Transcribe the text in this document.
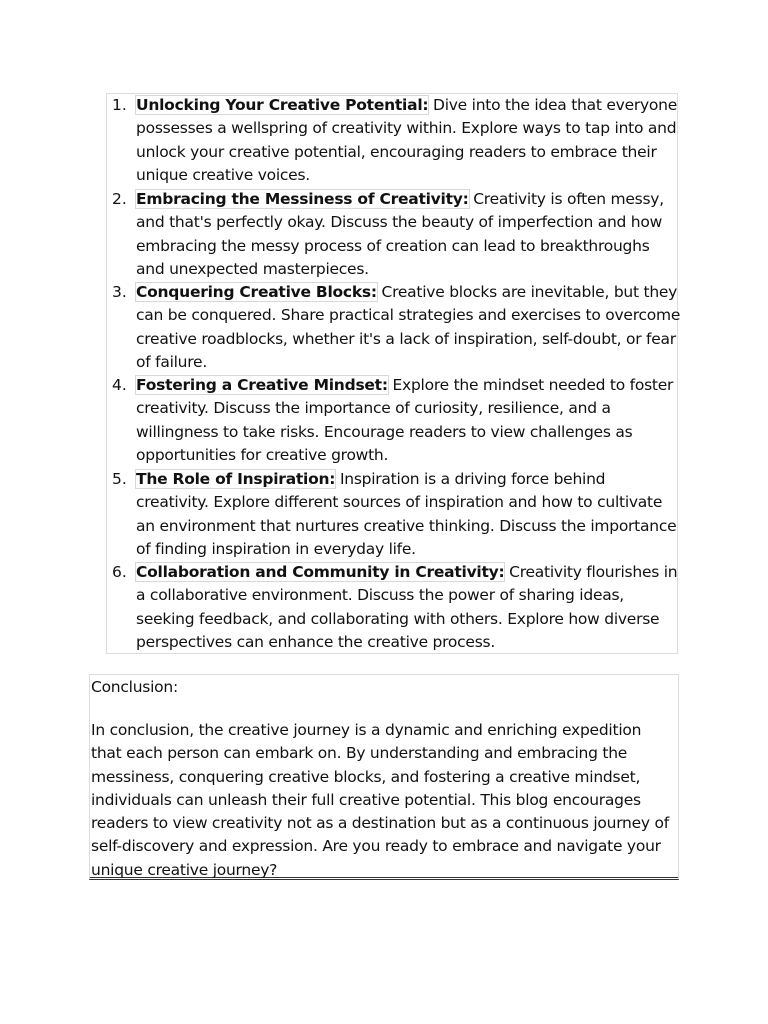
1. Unlocking Your Creative Potential: Dive into the idea that everyone possesses a wellspring of creativity within. Explore ways to tap into and unlock your creative potential, encouraging readers to embrace their unique creative voices.
2. Embracing the Messiness of Creativity: Creativity is often messy, and that's perfectly okay. Discuss the beauty of imperfection and how embracing the messy process of creation can lead to breakthroughs and unexpected masterpieces.
3. Conquering Creative Blocks: Creative blocks are inevitable, but they can be conquered. Share practical strategies and exercises to overcome creative roadblocks, whether it's a lack of inspiration, self-doubt, or fear of failure.
4. Fostering a Creative Mindset: Explore the mindset needed to foster creativity. Discuss the importance of curiosity, resilience, and a willingness to take risks. Encourage readers to view challenges as opportunities for creative growth.
5. The Role of Inspiration: Inspiration is a driving force behind creativity. Explore different sources of inspiration and how to cultivate an environment that nurtures creative thinking. Discuss the importance of finding inspiration in everyday life.
6. Collaboration and Community in Creativity: Creativity flourishes in a collaborative environment. Discuss the power of sharing ideas, seeking feedback, and collaborating with others. Explore how diverse perspectives can enhance the creative process.
Conclusion:
In conclusion, the creative journey is a dynamic and enriching expedition that each person can embark on. By understanding and embracing the messiness, conquering creative blocks, and fostering a creative mindset, individuals can unleash their full creative potential. This blog encourages readers to view creativity not as a destination but as a continuous journey of self-discovery and expression. Are you ready to embrace and navigate your unique creative journey?
